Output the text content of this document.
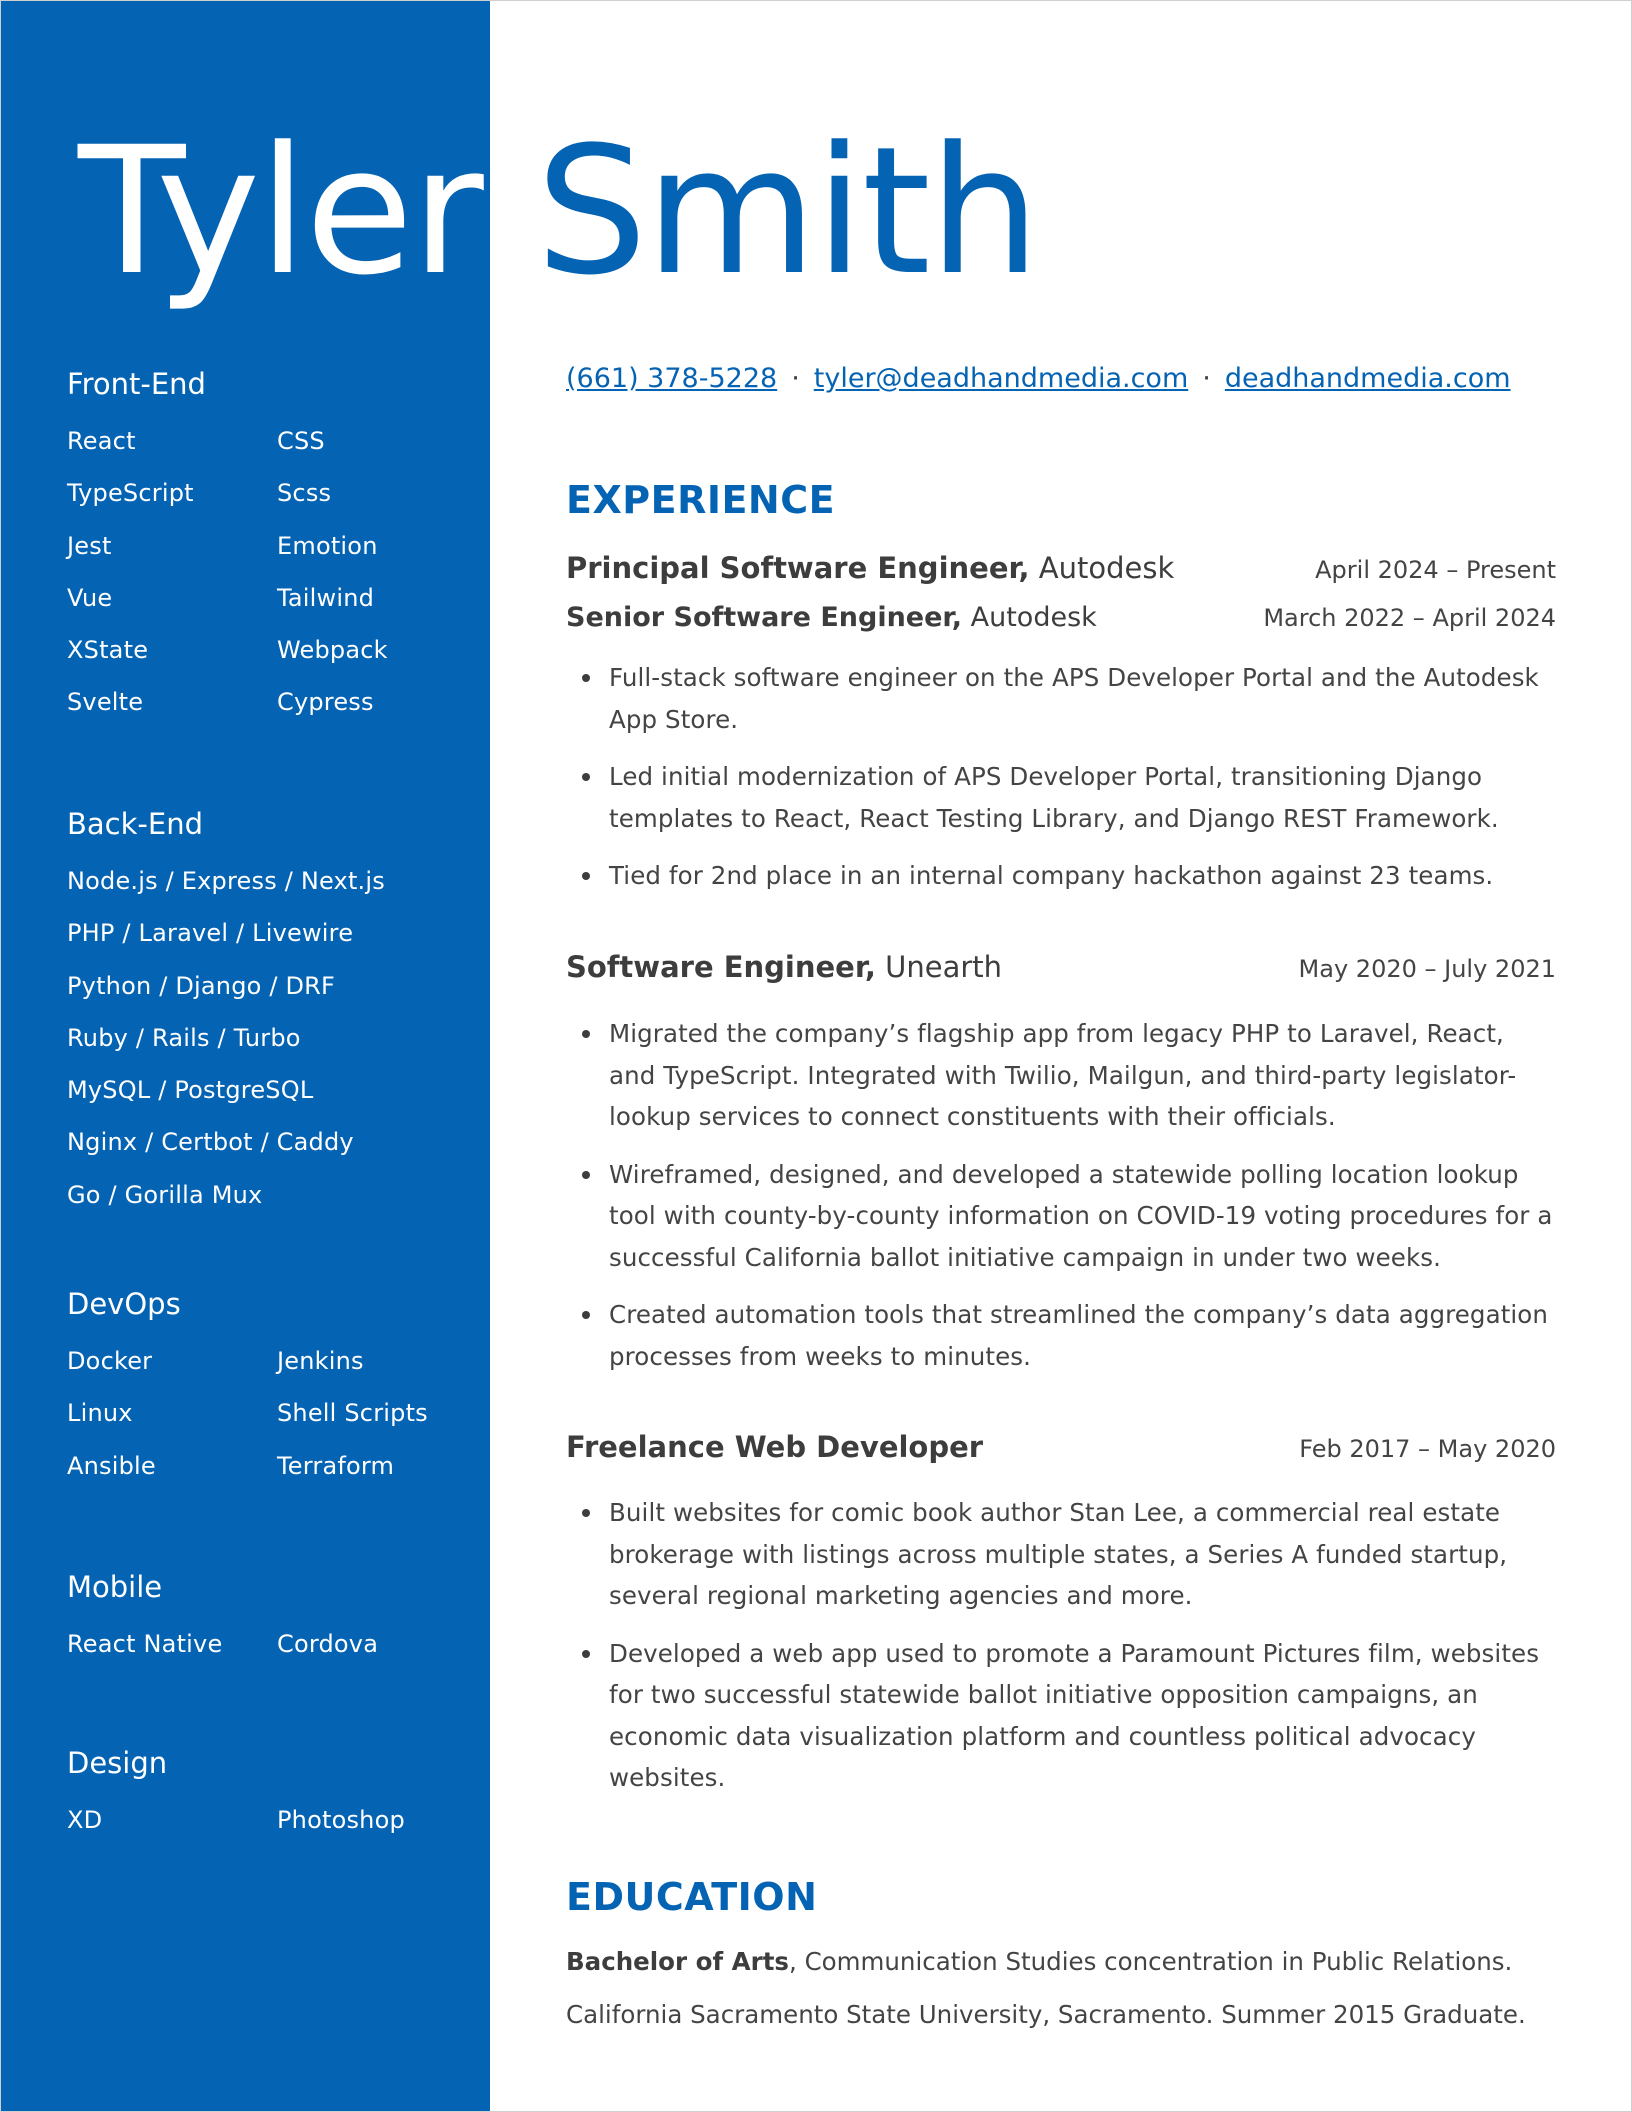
Tyler Smith
Front-End
React	CSS
TypeScript	Scss
Jest	Emotion
Vue	Tailwind
XState	Webpack
Svelte	Cypress
Back-End
Node.js / Express / Next.js
PHP / Laravel / Livewire
Python / Django / DRF
Ruby / Rails / Turbo
MySQL / PostgreSQL
Nginx / Certbot / Caddy
Go / Gorilla Mux
DevOps
Docker	Jenkins
Linux	Shell Scripts
Ansible	Terraform
Mobile
React Native	Cordova
Design
XD	Photoshop
(661) 378-5228 · tyler@deadhandmedia.com · deadhandmedia.com
EXPERIENCE
Principal Software Engineer, Autodesk	April 2024 – Present
Senior Software Engineer, Autodesk	March 2022 – April 2024
Full-stack software engineer on the APS Developer Portal and the Autodesk App Store.
Led initial modernization of APS Developer Portal, transitioning Django templates to React, React Testing Library, and Django REST Framework.
Tied for 2nd place in an internal company hackathon against 23 teams.
Software Engineer, Unearth	May 2020 – July 2021
Migrated the company’s flagship app from legacy PHP to Laravel, React, and TypeScript. Integrated with Twilio, Mailgun, and third-party legislator-lookup services to connect constituents with their officials.
Wireframed, designed, and developed a statewide polling location lookup tool with county-by-county information on COVID-19 voting procedures for a successful California ballot initiative campaign in under two weeks.
Created automation tools that streamlined the company’s data aggregation processes from weeks to minutes.
Freelance Web Developer	Feb 2017 – May 2020
Built websites for comic book author Stan Lee, a commercial real estate brokerage with listings across multiple states, a Series A funded startup, several regional marketing agencies and more.
Developed a web app used to promote a Paramount Pictures film, websites for two successful statewide ballot initiative opposition campaigns, an economic data visualization platform and countless political advocacy websites.
EDUCATION
Bachelor of Arts, Communication Studies concentration in Public Relations.
California Sacramento State University, Sacramento. Summer 2015 Graduate.
